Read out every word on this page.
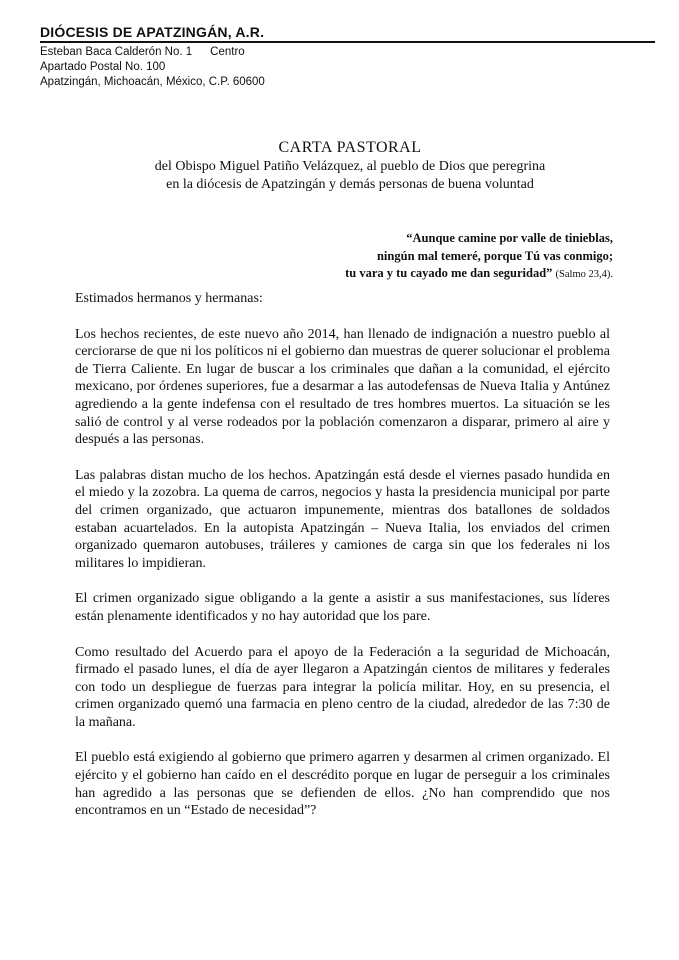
DIÓCESIS DE APATZINGÁN, A.R.
Esteban Baca Calderón No. 1 Centro
Apartado Postal No. 100
Apatzingán, Michoacán, México, C.P. 60600
CARTA PASTORAL
del Obispo Miguel Patiño Velázquez, al pueblo de Dios que peregrina
en la diócesis de Apatzingán y demás personas de buena voluntad
“Aunque camine por valle de tinieblas,
ningún mal temeré, porque Tú vas conmigo;
tu vara y tu cayado me dan seguridad” (Salmo 23,4).

Estimados hermanos y hermanas:

Los hechos recientes, de este nuevo año 2014, han llenado de indignación a nuestro pueblo al cerciorarse de que ni los políticos ni el gobierno dan muestras de querer solucionar el problema de Tierra Caliente. En lugar de buscar a los criminales que dañan a la comunidad, el ejército mexicano, por órdenes superiores, fue a desarmar a las autodefensas de Nueva Italia y Antúnez agrediendo a la gente indefensa con el resultado de tres hombres muertos. La situación se les salió de control y al verse rodeados por la población comenzaron a disparar, primero al aire y después a las personas.

Las palabras distan mucho de los hechos. Apatzingán está desde el viernes pasado hundida en el miedo y la zozobra. La quema de carros, negocios y hasta la presidencia municipal por parte del crimen organizado, que actuaron impunemente, mientras dos batallones de soldados estaban acuartelados. En la autopista Apatzingán – Nueva Italia, los enviados del crimen organizado quemaron autobuses, tráileres y camiones de carga sin que los federales ni los militares lo impidieran.

El crimen organizado sigue obligando a la gente a asistir a sus manifestaciones, sus líderes están plenamente identificados y no hay autoridad que los pare.

Como resultado del Acuerdo para el apoyo de la Federación a la seguridad de Michoacán, firmado el pasado lunes, el día de ayer llegaron a Apatzingán cientos de militares y federales con todo un despliegue de fuerzas para integrar la policía militar. Hoy, en su presencia, el crimen organizado quemó una farmacia en pleno centro de la ciudad, alrededor de las 7:30 de la mañana.

El pueblo está exigiendo al gobierno que primero agarren y desarmen al crimen organizado. El ejército y el gobierno han caído en el descrédito porque en lugar de perseguir a los criminales han agredido a las personas que se defienden de ellos. ¿No han comprendido que nos encontramos en un “Estado de necesidad”?
